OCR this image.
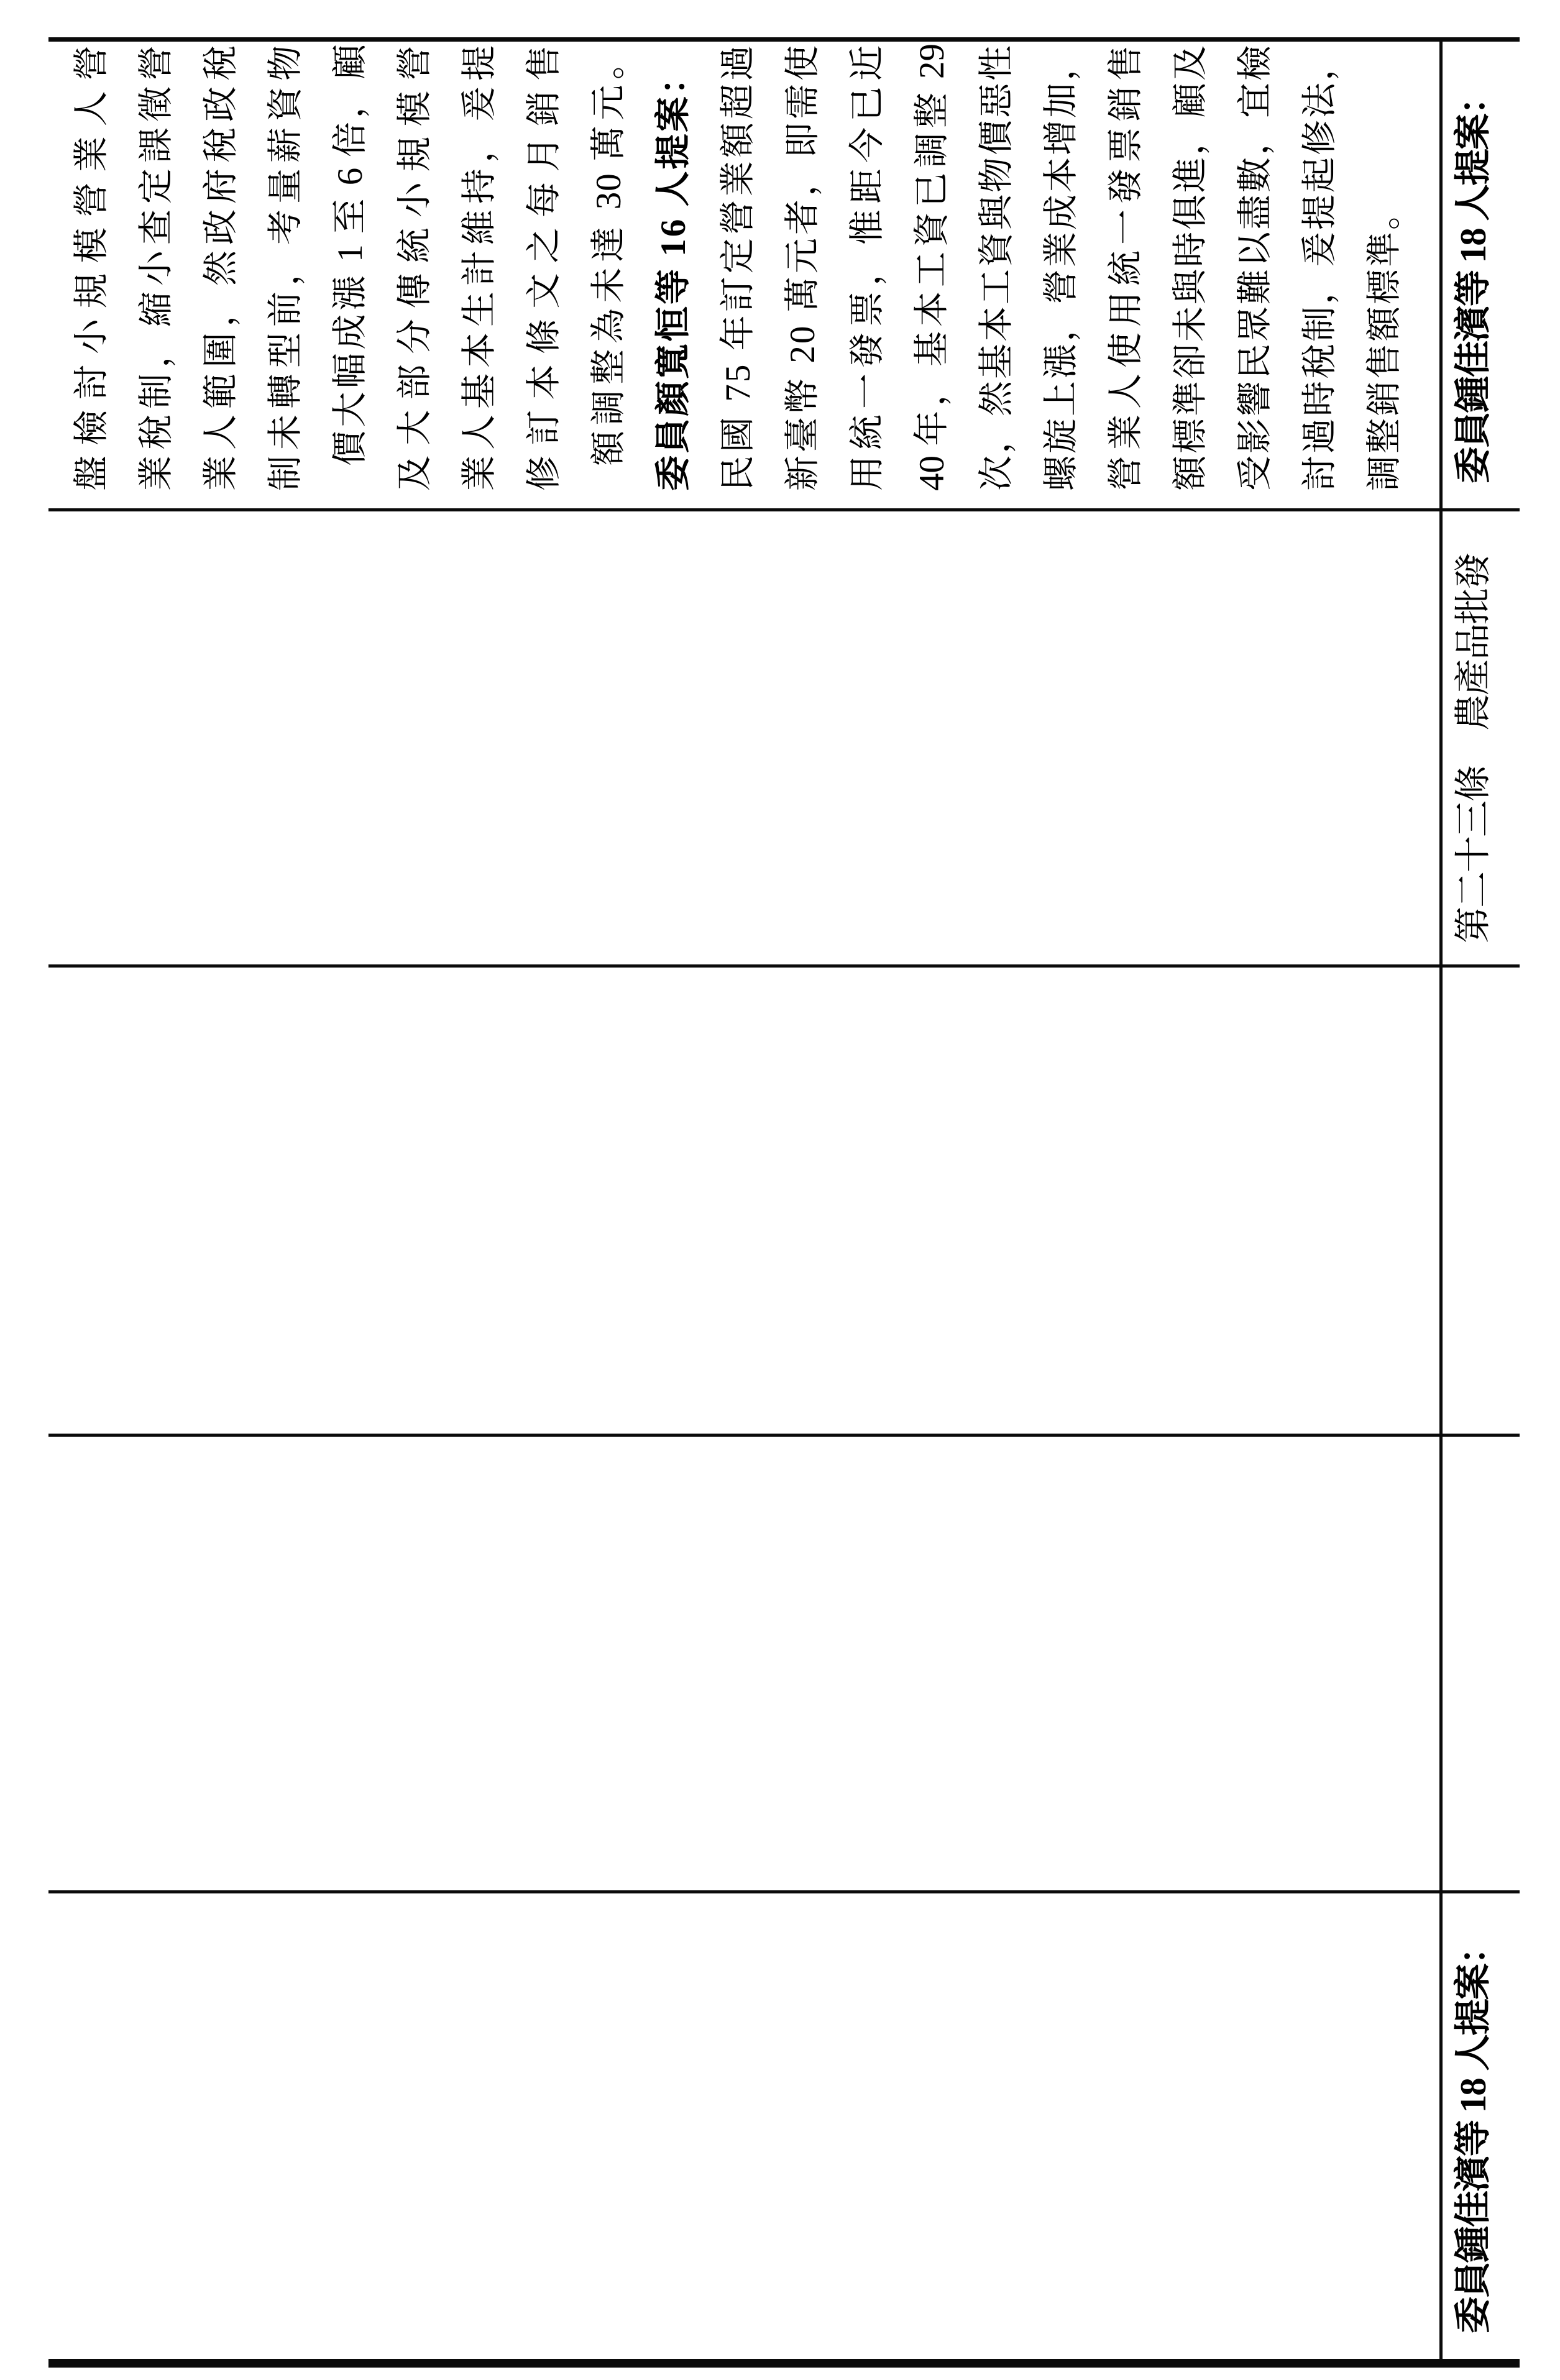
盤檢討小規模營業人營 業稅制，縮小查定課徵營 業人範圍，然政府稅政稅 制未轉型前，考量薪資物 價大幅成漲 1 至 6 倍，顧 及大部分傳統小規模營 業人基本生計維持，爰提 修訂本條文之每月銷售 額調整為未達 30 萬元。 委員顏寬恒等 16 人提案： 民國 75 年訂定營業額超過 新臺幣 20 萬元者，即需使 用統一發票，惟距今已近 40 年，基本工資已調整 29 次，然基本工資與物價惡性 螺旋上漲，營業成本增加， 營業人使用統一發票銷售 額標準卻未與時俱進，顧及 受影響民眾難以盡數，宜檢 討過時稅制，爰提起修法， 調整銷售額標準。
委員鍾佳濱等 18 人提案：
第二十三條　農產品批發
委員鍾佳濱等 18 人提案：
